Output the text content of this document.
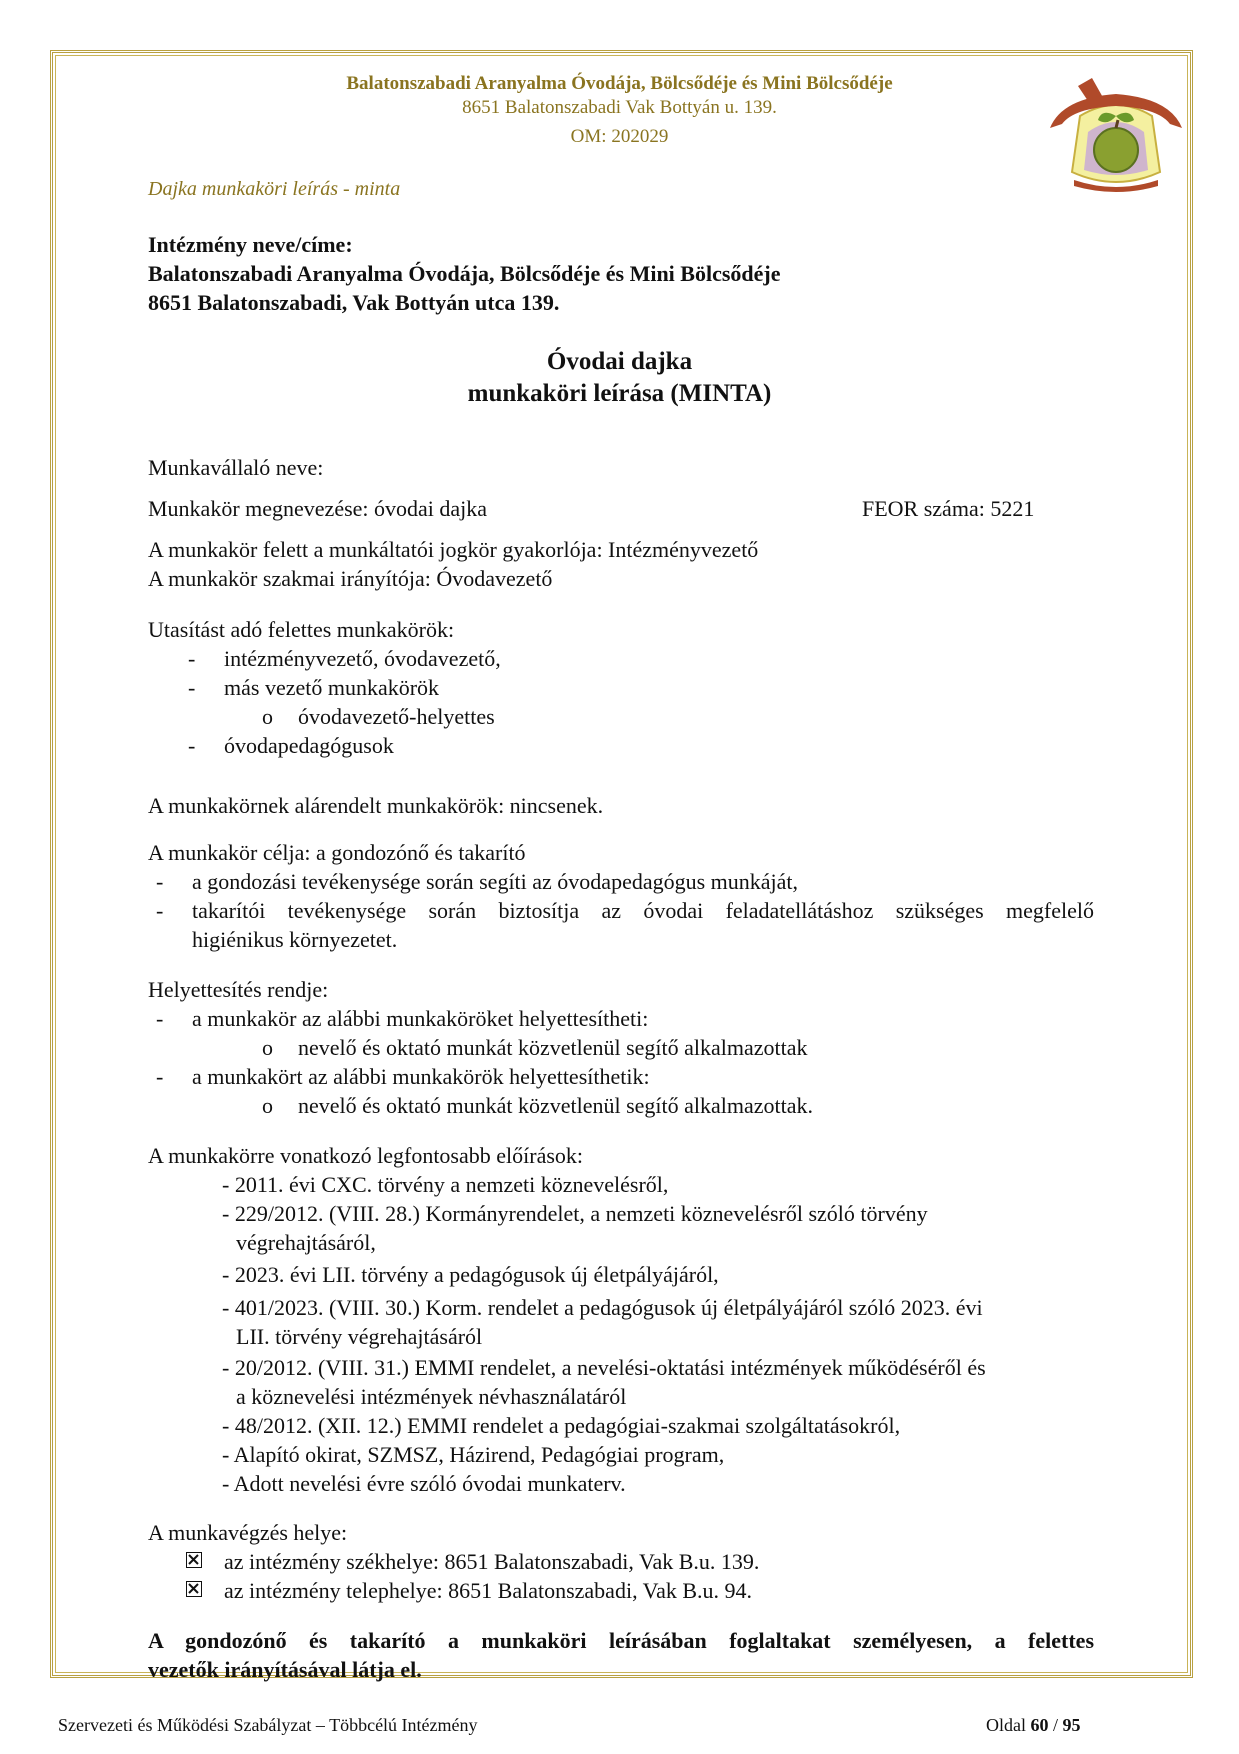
Balatonszabadi Aranyalma Óvodája, Bölcsődéje és Mini Bölcsődéje
8651 Balatonszabadi Vak Bottyán u. 139.
OM: 202029
Dajka munkaköri leírás - minta
Intézmény neve/címe:
Balatonszabadi Aranyalma Óvodája, Bölcsődéje és Mini Bölcsődéje
8651 Balatonszabadi, Vak Bottyán utca 139.
Óvodai dajka
munkaköri leírása (MINTA)
Munkavállaló neve:
Munkakör megnevezése: óvodai dajka	FEOR száma: 5221
A munkakör felett a munkáltatói jogkör gyakorlója: Intézményvezető
A munkakör szakmai irányítója: Óvodavezető
Utasítást adó felettes munkakörök:
- intézményvezető, óvodavezető,
- más vezető munkakörök
o óvodavezető-helyettes
- óvodapedagógusok
A munkakörnek alárendelt munkakörök: nincsenek.
A munkakör célja: a gondozónő és takarító
- a gondozási tevékenysége során segíti az óvodapedagógus munkáját,
- takarítói tevékenysége során biztosítja az óvodai feladatellátáshoz szükséges megfelelő
higiénikus környezetet.
Helyettesítés rendje:
- a munkakör az alábbi munkaköröket helyettesítheti:
o nevelő és oktató munkát közvetlenül segítő alkalmazottak
- a munkakört az alábbi munkakörök helyettesíthetik:
o nevelő és oktató munkát közvetlenül segítő alkalmazottak.
A munkakörre vonatkozó legfontosabb előírások:
- 2011. évi CXC. törvény a nemzeti köznevelésről,
- 229/2012. (VIII. 28.) Kormányrendelet, a nemzeti köznevelésről szóló törvény
végrehajtásáról,
- 2023. évi LII. törvény a pedagógusok új életpályájáról,
- 401/2023. (VIII. 30.) Korm. rendelet a pedagógusok új életpályájáról szóló 2023. évi
LII. törvény végrehajtásáról
- 20/2012. (VIII. 31.) EMMI rendelet, a nevelési-oktatási intézmények működéséről és
a köznevelési intézmények névhasználatáról
- 48/2012. (XII. 12.) EMMI rendelet a pedagógiai-szakmai szolgáltatásokról,
- Alapító okirat, SZMSZ, Házirend, Pedagógiai program,
- Adott nevelési évre szóló óvodai munkaterv.
A munkavégzés helye:
az intézmény székhelye: 8651 Balatonszabadi, Vak B.u. 139.
az intézmény telephelye: 8651 Balatonszabadi, Vak B.u. 94.
A gondozónő és takarító a munkaköri leírásában foglaltakat személyesen, a felettes
vezetők irányításával látja el.
Szervezeti és Működési Szabályzat – Többcélú Intézmény	Oldal 60 / 95
